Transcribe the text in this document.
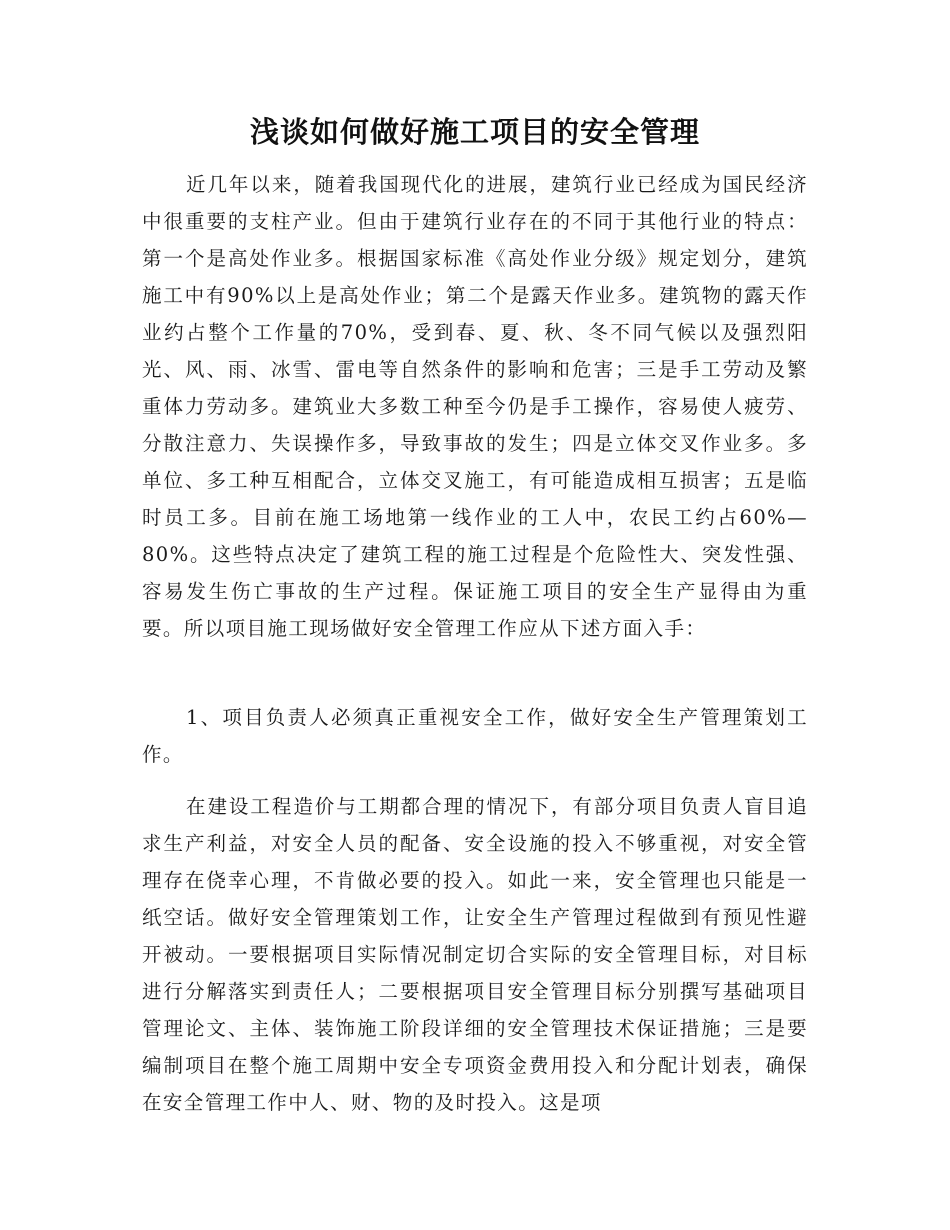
浅谈如何做好施工项目的安全管理

近几年以来，随着我国现代化的进展，建筑行业已经成为国民经济中很重要的支柱产业。但由于建筑行业存在的不同于其他行业的特点：第一个是高处作业多。根据国家标准《高处作业分级》规定划分，建筑施工中有90%以上是高处作业；第二个是露天作业多。建筑物的露天作业约占整个工作量的70%，受到春、夏、秋、冬不同气候以及强烈阳光、风、雨、冰雪、雷电等自然条件的影响和危害；三是手工劳动及繁重体力劳动多。建筑业大多数工种至今仍是手工操作，容易使人疲劳、分散注意力、失误操作多，导致事故的发生；四是立体交叉作业多。多单位、多工种互相配合，立体交叉施工，有可能造成相互损害；五是临时员工多。目前在施工场地第一线作业的工人中，农民工约占60%—80%。这些特点决定了建筑工程的施工过程是个危险性大、突发性强、容易发生伤亡事故的生产过程。保证施工项目的安全生产显得由为重要。所以项目施工现场做好安全管理工作应从下述方面入手：

1、项目负责人必须真正重视安全工作，做好安全生产管理策划工作。

在建设工程造价与工期都合理的情况下，有部分项目负责人盲目追求生产利益，对安全人员的配备、安全设施的投入不够重视，对安全管理存在侥幸心理，不肯做必要的投入。如此一来，安全管理也只能是一纸空话。做好安全管理策划工作，让安全生产管理过程做到有预见性避开被动。一要根据项目实际情况制定切合实际的安全管理目标，对目标进行分解落实到责任人；二要根据项目安全管理目标分别撰写基础项目管理论文、主体、装饰施工阶段详细的安全管理技术保证措施；三是要编制项目在整个施工周期中安全专项资金费用投入和分配计划表，确保在安全管理工作中人、财、物的及时投入。这是项
